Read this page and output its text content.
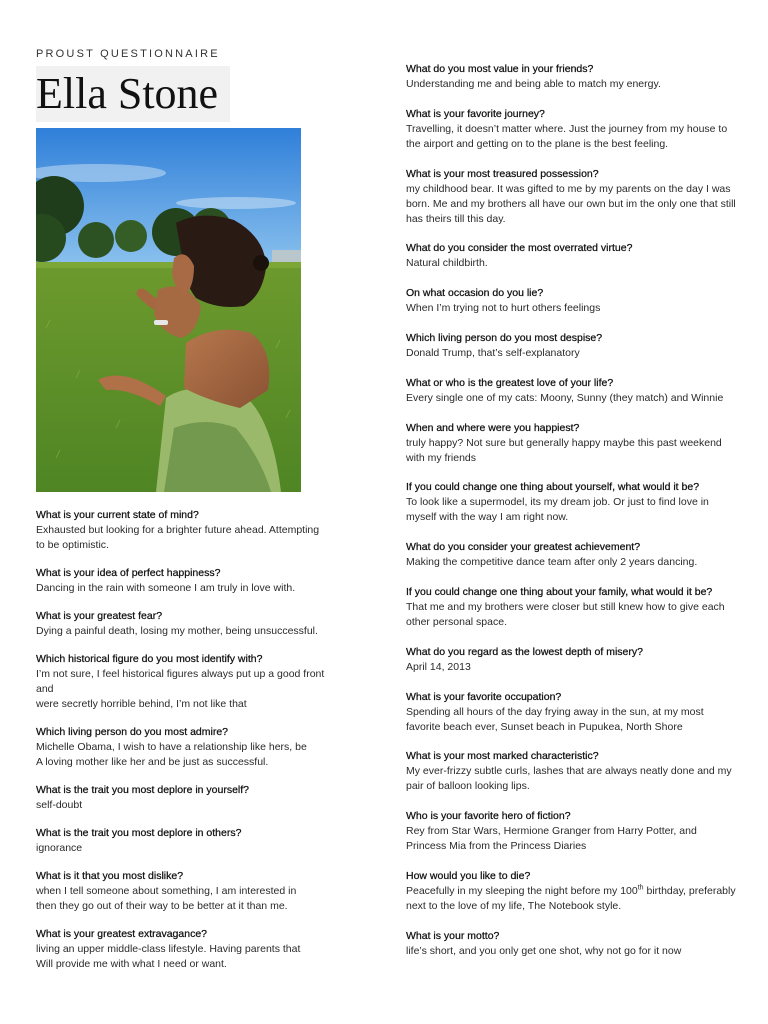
PROUST QUESTIONNAIRE
Ella Stone
What is your current state of mind?
Exhausted but looking for a brighter future ahead. Attempting
to be optimistic.
What is your idea of perfect happiness?
Dancing in the rain with someone I am truly in love with.
What is your greatest fear?
Dying a painful death, losing my mother, being unsuccessful.
Which historical figure do you most identify with?
I’m not sure, I feel historical figures always put up a good front and
were secretly horrible behind, I’m not like that
Which living person do you most admire?
Michelle Obama, I wish to have a relationship like hers, be
A loving mother like her and be just as successful.
What is the trait you most deplore in yourself?
self-doubt
What is the trait you most deplore in others?
ignorance
What is it that you most dislike?
when I tell someone about something, I am interested in
then they go out of their way to be better at it than me.
What is your greatest extravagance?
living an upper middle-class lifestyle. Having parents that
Will provide me with what I need or want.
What do you most value in your friends?
Understanding me and being able to match my energy.
What is your favorite journey?
Travelling, it doesn’t matter where. Just the journey from my house to
the airport and getting on to the plane is the best feeling.
What is your most treasured possession?
my childhood bear. It was gifted to me by my parents on the day I was
born. Me and my brothers all have our own but im the only one that still
has theirs till this day.
What do you consider the most overrated virtue?
Natural childbirth.
On what occasion do you lie?
When I’m trying not to hurt others feelings
Which living person do you most despise?
Donald Trump, that’s self-explanatory
What or who is the greatest love of your life?
Every single one of my cats: Moony, Sunny (they match) and Winnie
When and where were you happiest?
truly happy? Not sure but generally happy maybe this past weekend
with my friends
If you could change one thing about yourself, what would it be?
To look like a supermodel, its my dream job. Or just to find love in
myself with the way I am right now.
What do you consider your greatest achievement?
Making the competitive dance team after only 2 years dancing.
If you could change one thing about your family, what would it be?
That me and my brothers were closer but still knew how to give each
other personal space.
What do you regard as the lowest depth of misery?
April 14, 2013
What is your favorite occupation?
Spending all hours of the day frying away in the sun, at my most
favorite beach ever, Sunset beach in Pupukea, North Shore
What is your most marked characteristic?
My ever-frizzy subtle curls, lashes that are always neatly done and my
pair of balloon looking lips.
Who is your favorite hero of fiction?
Rey from Star Wars, Hermione Granger from Harry Potter, and
Princess Mia from the Princess Diaries
How would you like to die?
Peacefully in my sleeping the night before my 100th birthday, preferably
next to the love of my life, The Notebook style.
What is your motto?
life’s short, and you only get one shot, why not go for it now
